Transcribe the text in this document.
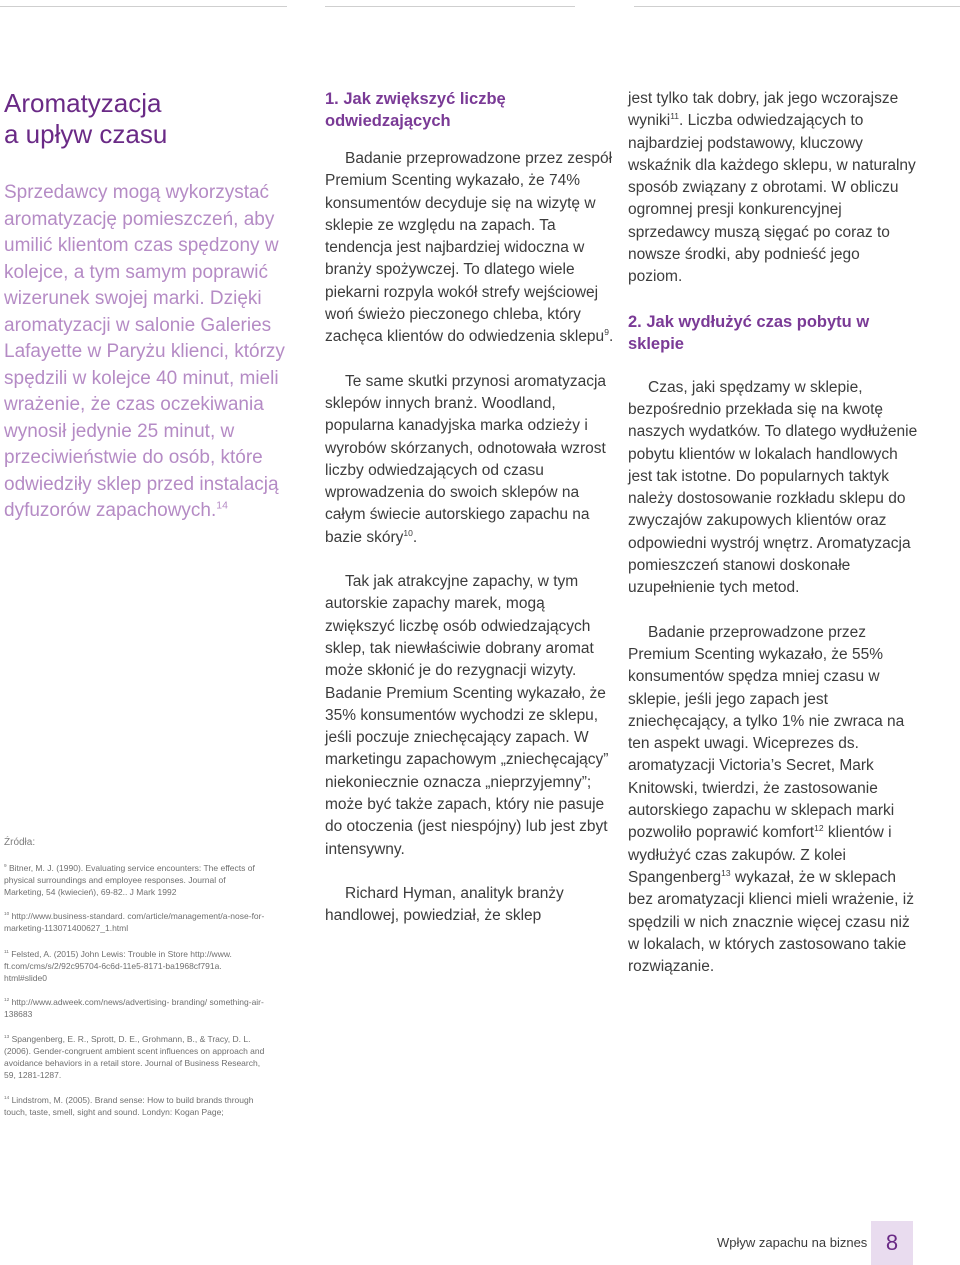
Aromatyzacja
a upływ czasu

Sprzedawcy mogą wykorzystać aromatyzację pomieszczeń, aby umilić klientom czas spędzony w kolejce, a tym samym poprawić wizerunek swojej marki. Dzięki aromatyzacji w salonie Galeries Lafayette w Paryżu klienci, którzy spędzili w kolejce 40 minut, mieli wrażenie, że czas oczekiwania wynosił jedynie 25 minut, w przeciwieństwie do osób, które odwiedziły sklep przed instalacją dyfuzorów zapachowych.$^{14}$

Źródła:

$^9$ Bitner, M. J. (1990). Evaluating service encounters: The effects of physical surroundings and employee responses. Journal of Marketing, 54 (kwiecień), 69-82.. J Mark 1992

$^{10}$ http://www.business-standard. com/article/management/a-nose-for- marketing-113071400627_1.html

$^{11}$ Felsted, A. (2015) John Lewis: Trouble in Store http://www. ft.com/cms/s/2/92c95704-6c6d-11e5-8171-ba1968cf791a. html#slide0

$^{12}$ http://www.adweek.com/news/advertising- branding/ something-air-138683

$^{13}$ Spangenberg, E. R., Sprott, D. E., Grohmann, B., & Tracy, D. L. (2006). Gender-congruent ambient scent influences on approach and avoidance behaviors in a retail store. Journal of Business Research, 59, 1281-1287.

$^{14}$ Lindstrom, M. (2005). Brand sense: How to build brands through touch, taste, smell, sight and sound. Londyn: Kogan Page;

1. Jak zwiększyć liczbę odwiedzających

Badanie przeprowadzone przez zespół Premium Scenting wykazało, że 74% konsumentów decyduje się na wizytę w sklepie ze względu na zapach. Ta tendencja jest najbardziej widoczna w branży spożywczej. To dlatego wiele piekarni rozpyla wokół strefy wejściowej woń świeżo pieczonego chleba, który zachęca klientów do odwiedzenia sklepu$^9$.

Te same skutki przynosi aromatyzacja sklepów innych branż. Woodland, popularna kanadyjska marka odzieży i wyrobów skórzanych, odnotowała wzrost liczby odwiedzających od czasu wprowadzenia do swoich sklepów na całym świecie autorskiego zapachu na bazie skóry$^{10}$.

Tak jak atrakcyjne zapachy, w tym autorskie zapachy marek, mogą zwiększyć liczbę osób odwiedzających sklep, tak niewłaściwie dobrany aromat może skłonić je do rezygnacji wizyty. Badanie Premium Scenting wykazało, że 35% konsumentów wychodzi ze sklepu, jeśli poczuje zniechęcający zapach. W marketingu zapachowym „zniechęcający” niekoniecznie oznacza „nieprzyjemny”; może być także zapach, który nie pasuje do otoczenia (jest niespójny) lub jest zbyt intensywny.

Richard Hyman, analityk branży handlowej, powiedział, że sklep

jest tylko tak dobry, jak jego wczorajsze wyniki$^{11}$. Liczba odwiedzających to najbardziej podstawowy, kluczowy wskaźnik dla każdego sklepu, w naturalny sposób związany z obrotami. W obliczu ogromnej presji konkurencyjnej sprzedawcy muszą sięgać po coraz to nowsze środki, aby podnieść jego poziom.

2. Jak wydłużyć czas pobytu w sklepie

Czas, jaki spędzamy w sklepie, bezpośrednio przekłada się na kwotę naszych wydatków. To dlatego wydłużenie pobytu klientów w lokalach handlowych jest tak istotne. Do popularnych taktyk należy dostosowanie rozkładu sklepu do zwyczajów zakupowych klientów oraz odpowiedni wystrój wnętrz. Aromatyzacja pomieszczeń stanowi doskonałe uzupełnienie tych metod.

Badanie przeprowadzone przez Premium Scenting wykazało, że 55% konsumentów spędza mniej czasu w sklepie, jeśli jego zapach jest zniechęcający, a tylko 1% nie zwraca na ten aspekt uwagi. Wiceprezes ds. aromatyzacji Victoria’s Secret, Mark Knitowski, twierdzi, że zastosowanie autorskiego zapachu w sklepach marki pozwoliło poprawić komfort$^{12}$ klientów i wydłużyć czas zakupów. Z kolei Spangenberg$^{13}$ wykazał, że w sklepach bez aromatyzacji klienci mieli wrażenie, iż spędzili w nich znacznie więcej czasu niż w lokalach, w których zastosowano takie rozwiązanie.

Wpływ zapachu na biznes 8
